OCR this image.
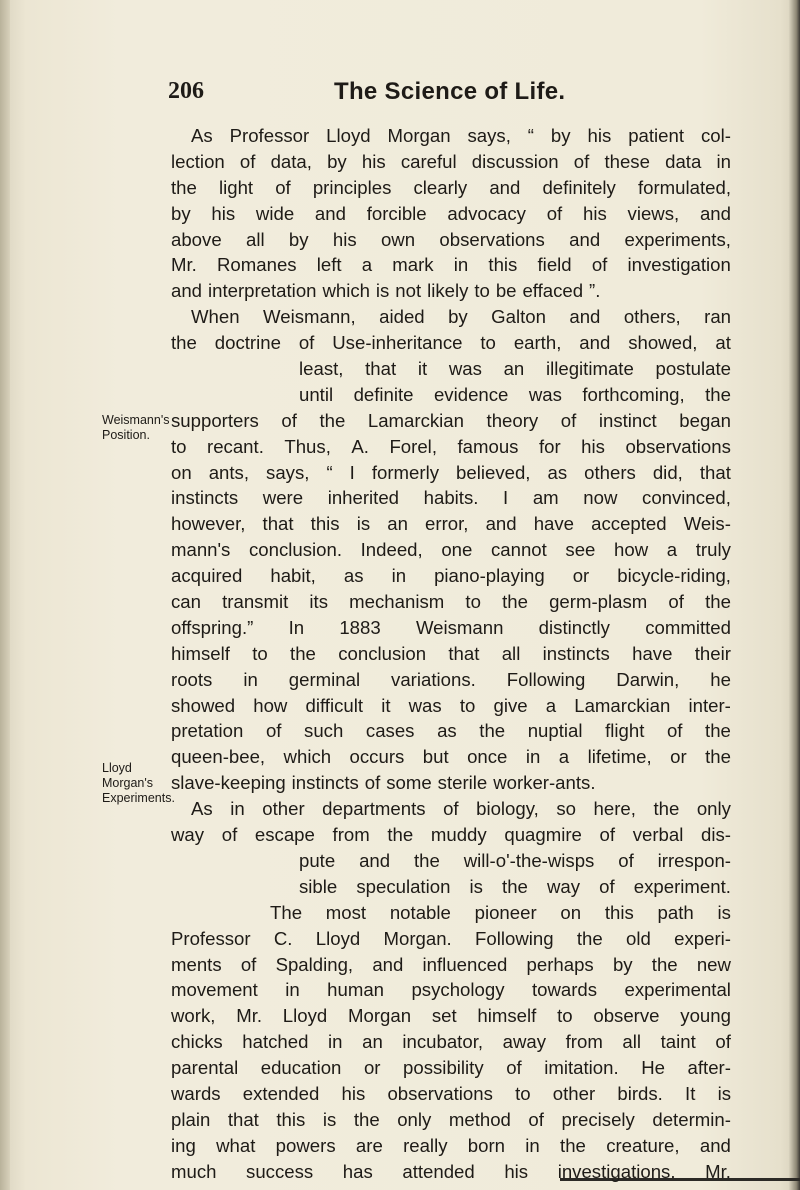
206	The Science of Life.
As Professor Lloyd Morgan says, “ by his patient col-
lection of data, by his careful discussion of these data in
the light of principles clearly and definitely formulated,
by his wide and forcible advocacy of his views, and
above all by his own observations and experiments,
Mr. Romanes left a mark in this field of investigation
and interpretation which is not likely to be effaced ”.
When Weismann, aided by Galton and others, ran
the doctrine of Use-inheritance to earth, and showed, at
least, that it was an illegitimate postulate
until definite evidence was forthcoming, the
supporters of the Lamarckian theory of instinct began
to recant. Thus, A. Forel, famous for his observations
on ants, says, “ I formerly believed, as others did, that
instincts were inherited habits. I am now convinced,
however, that this is an error, and have accepted Weis-
mann's conclusion. Indeed, one cannot see how a truly
acquired habit, as in piano-playing or bicycle-riding,
can transmit its mechanism to the germ-plasm of the
offspring.” In 1883 Weismann distinctly committed
himself to the conclusion that all instincts have their
roots in germinal variations. Following Darwin, he
showed how difficult it was to give a Lamarckian inter-
pretation of such cases as the nuptial flight of the
queen-bee, which occurs but once in a lifetime, or the
slave-keeping instincts of some sterile worker-ants.
As in other departments of biology, so here, the only
way of escape from the muddy quagmire of verbal dis-
pute and the will-o'-the-wisps of irrespon-
sible speculation is the way of experiment.
The most notable pioneer on this path is
Professor C. Lloyd Morgan. Following the old experi-
ments of Spalding, and influenced perhaps by the new
movement in human psychology towards experimental
work, Mr. Lloyd Morgan set himself to observe young
chicks hatched in an incubator, away from all taint of
parental education or possibility of imitation. He after-
wards extended his observations to other birds. It is
plain that this is the only method of precisely determin-
ing what powers are really born in the creature, and
much success has attended his investigations. Mr.
Weismann's
Position.
Lloyd
Morgan's
Experiments.
